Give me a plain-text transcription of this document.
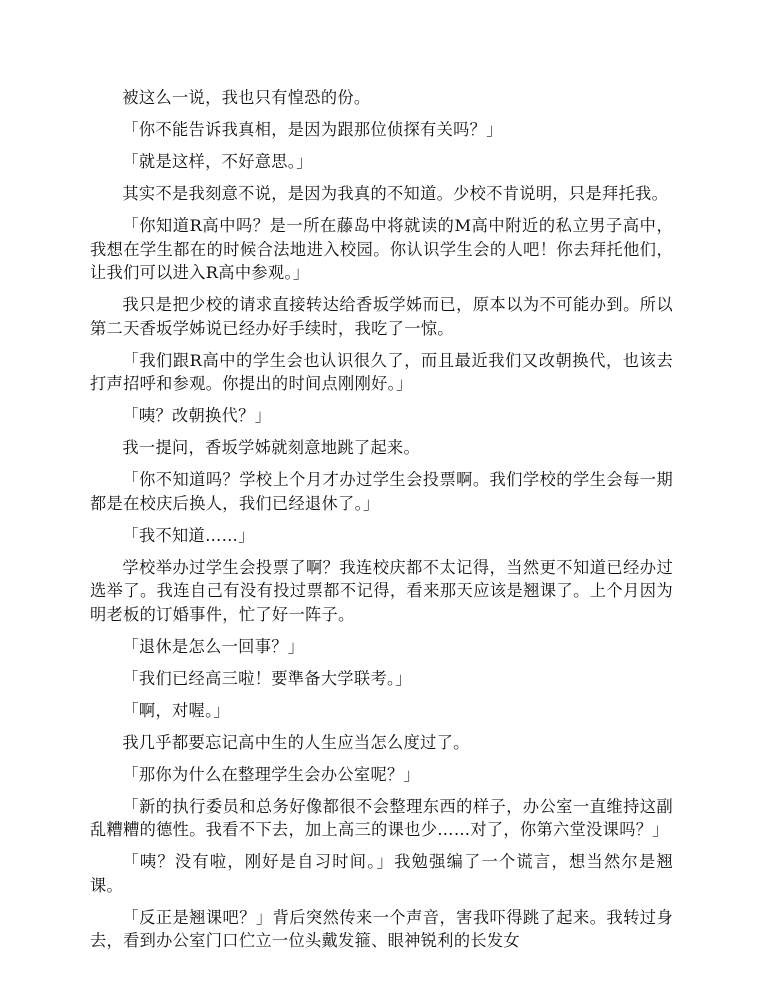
被这么一说，我也只有惶恐的份。

「你不能告诉我真相，是因为跟那位侦探有关吗？」

「就是这样，不好意思。」

其实不是我刻意不说，是因为我真的不知道。少校不肯说明，只是拜托我。

「你知道R高中吗？是一所在藤岛中将就读的M高中附近的私立男子高中，我想在学生都在的时候合法地进入校园。你认识学生会的人吧！你去拜托他们，让我们可以进入R高中参观。」

我只是把少校的请求直接转达给香坂学姊而已，原本以为不可能办到。所以第二天香坂学姊说已经办好手续时，我吃了一惊。

「我们跟R高中的学生会也认识很久了，而且最近我们又改朝换代，也该去打声招呼和参观。你提出的时间点刚刚好。」

「咦？改朝换代？」

我一提问，香坂学姊就刻意地跳了起来。

「你不知道吗？学校上个月才办过学生会投票啊。我们学校的学生会每一期都是在校庆后换人，我们已经退休了。」

「我不知道……」

学校举办过学生会投票了啊？我连校庆都不太记得，当然更不知道已经办过选举了。我连自己有没有投过票都不记得，看来那天应该是翘课了。上个月因为明老板的订婚事件，忙了好一阵子。

「退休是怎么一回事？」

「我们已经高三啦！要準备大学联考。」

「啊，对喔。」

我几乎都要忘记高中生的人生应当怎么度过了。

「那你为什么在整理学生会办公室呢？」

「新的执行委员和总务好像都很不会整理东西的样子，办公室一直维持这副乱糟糟的德性。我看不下去，加上高三的课也少……对了，你第六堂没课吗？」

「咦？没有啦，刚好是自习时间。」我勉强编了一个谎言，想当然尔是翘课。

「反正是翘课吧？」背后突然传来一个声音，害我吓得跳了起来。我转过身去，看到办公室门口伫立一位头戴发箍、眼神锐利的长发女
